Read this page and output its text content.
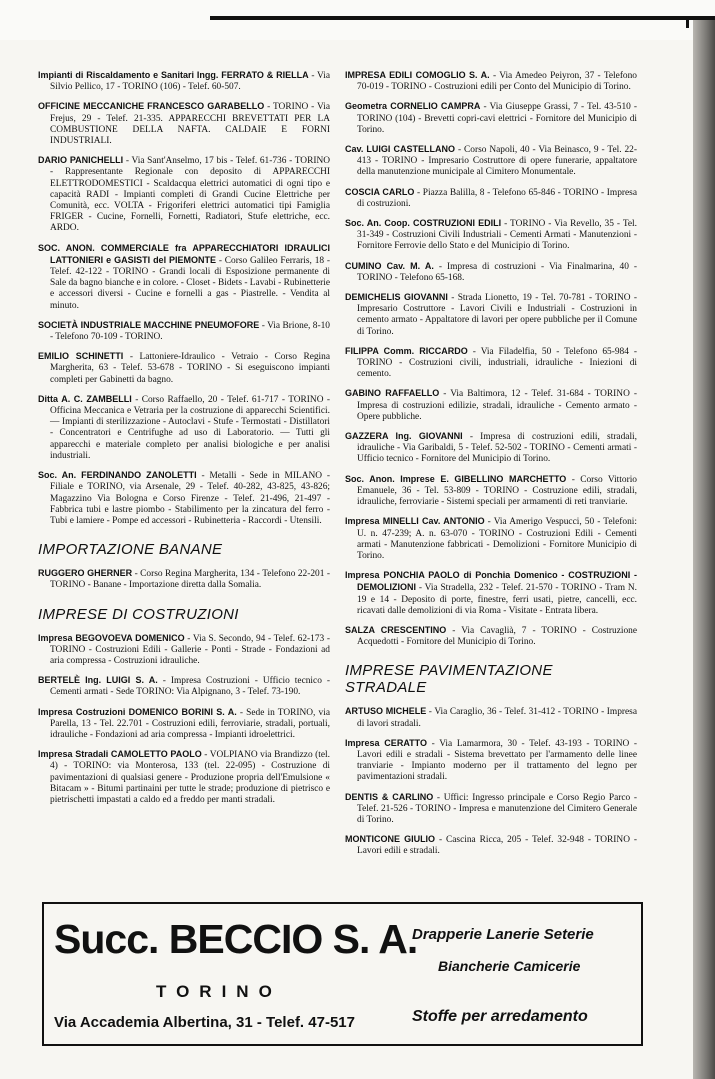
Impianti di Riscaldamento e Sanitari Ingg. FERRATO & RIELLA - Via Silvio Pellico, 17 - TORINO (106) - Telef. 60-507.

OFFICINE MECCANICHE FRANCESCO GARABELLO - TORINO - Via Frejus, 29 - Telef. 21-335. APPARECCHI BREVETTATI PER LA COMBUSTIONE DELLA NAFTA. CALDAIE E FORNI INDUSTRIALI.

DARIO PANICHELLI - Via Sant'Anselmo, 17 bis - Telef. 61-736 - TORINO - Rappresentante Regionale con deposito di APPARECCHI ELETTRODOMESTICI - Scaldacqua elettrici automatici di ogni tipo e capacità RADI - Impianti completi di Grandi Cucine Elettriche per Comunità, ecc. VOLTA - Frigoriferi elettrici automatici tipi Famiglia FRIGER - Cucine, Fornelli, Fornetti, Radiatori, Stufe elettriche, ecc. ARDO.

SOC. ANON. COMMERCIALE fra APPARECCHIATORI IDRAULICI LATTONIERI e GASISTI del PIEMONTE - Corso Galileo Ferraris, 18 - Telef. 42-122 - TORINO - Grandi locali di Esposizione permanente di Sale da bagno bianche e in colore. - Closet - Bidets - Lavabi - Rubinetterie e accessori diversi - Cucine e fornelli a gas - Piastrelle. - Vendita al minuto.

SOCIETÀ INDUSTRIALE MACCHINE PNEUMOFORE - Via Brione, 8-10 - Telefono 70-109 - TORINO.

EMILIO SCHINETTI - Lattoniere-Idraulico - Vetraio - Corso Regina Margherita, 63 - Telef. 53-678 - TORINO - Si eseguiscono impianti completi per Gabinetti da bagno.

Ditta A. C. ZAMBELLI - Corso Raffaello, 20 - Telef. 61-717 - TORINO - Officina Meccanica e Vetraria per la costruzione di apparecchi Scientifici. — Impianti di sterilizzazione - Autoclavi - Stufe - Termostati - Distillatori - Concentratori e Centrifughe ad uso di Laboratorio. — Tutti gli apparecchi e materiale completo per analisi biologiche e per analisi industriali.

Soc. An. FERDINANDO ZANOLETTI - Metalli - Sede in MILANO - Filiale e TORINO, via Arsenale, 29 - Telef. 40-282, 43-825, 43-826; Magazzino Via Bologna e Corso Firenze - Telef. 21-496, 21-497 - Fabbrica tubi e lastre piombo - Stabilimento per la zincatura del ferro - Tubi e lamiere - Pompe ed accessori - Rubinetteria - Raccordi - Utensili.

IMPORTAZIONE BANANE

RUGGERO GHERNER - Corso Regina Margherita, 134 - Telefono 22-201 - TORINO - Banane - Importazione diretta dalla Somalia.

IMPRESE DI COSTRUZIONI

Impresa BEGOVOEVA DOMENICO - Via S. Secondo, 94 - Telef. 62-173 - TORINO - Costruzioni Edili - Gallerie - Ponti - Strade - Fondazioni ad aria compressa - Costruzioni idrauliche.

BERTELÈ Ing. LUIGI S. A. - Impresa Costruzioni - Ufficio tecnico - Cementi armati - Sede TORINO: Via Alpignano, 3 - Telef. 73-190.

Impresa Costruzioni DOMENICO BORINI S. A. - Sede in TORINO, via Parella, 13 - Tel. 22.701 - Costruzioni edili, ferroviarie, stradali, portuali, idrauliche - Fondazioni ad aria compressa - Impianti idroelettrici.

Impresa Stradali CAMOLETTO PAOLO - VOLPIANO via Brandizzo (tel. 4) - TORINO: via Monterosa, 133 (tel. 22-095) - Costruzione di pavimentazioni di qualsiasi genere - Produzione propria dell'Emulsione « Bitacam » - Bitumi partinaini per tutte le strade; produzione di pietrisco e pietrischetti impastati a caldo ed a freddo per manti stradali.

IMPRESA EDILI COMOGLIO S. A. - Via Amedeo Peiyron, 37 - Telefono 70-019 - TORINO - Costruzioni edili per Conto del Municipio di Torino.

Geometra CORNELIO CAMPRA - Via Giuseppe Grassi, 7 - Tel. 43-510 - TORINO (104) - Brevetti copri-cavi elettrici - Fornitore del Municipio di Torino.

Cav. LUIGI CASTELLANO - Corso Napoli, 40 - Via Beinasco, 9 - Tel. 22-413 - TORINO - Impresario Costruttore di opere funerarie, appaltatore della manutenzione municipale al Cimitero Monumentale.

COSCIA CARLO - Piazza Balilla, 8 - Telefono 65-846 - TORINO - Impresa di costruzioni.

Soc. An. Coop. COSTRUZIONI EDILI - TORINO - Via Revello, 35 - Tel. 31-349 - Costruzioni Civili Industriali - Cementi Armati - Manutenzioni - Fornitore Ferrovie dello Stato e del Municipio di Torino.

CUMINO Cav. M. A. - Impresa di costruzioni - Via Finalmarina, 40 - TORINO - Telefono 65-168.

DEMICHELIS GIOVANNI - Strada Lionetto, 19 - Tel. 70-781 - TORINO - Impresario Costruttore - Lavori Civili e Industriali - Costruzioni in cemento armato - Appaltatore di lavori per opere pubbliche per il Comune di Torino.

FILIPPA Comm. RICCARDO - Via Filadelfia, 50 - Telefono 65-984 - TORINO - Costruzioni civili, industriali, idrauliche - Iniezioni di cemento.

GABINO RAFFAELLO - Via Baltimora, 12 - Telef. 31-684 - TORINO - Impresa di costruzioni edilizie, stradali, idrauliche - Cemento armato - Opere pubbliche.

GAZZERA Ing. GIOVANNI - Impresa di costruzioni edili, stradali, idrauliche - Via Garibaldi, 5 - Telef. 52-502 - TORINO - Cementi armati - Ufficio tecnico - Fornitore del Municipio di Torino.

Soc. Anon. Imprese E. GIBELLINO MARCHETTO - Corso Vittorio Emanuele, 36 - Tel. 53-809 - TORINO - Costruzione edili, stradali, idrauliche, ferroviarie - Sistemi speciali per armamenti di reti tranviarie.

Impresa MINELLI Cav. ANTONIO - Via Amerigo Vespucci, 50 - Telefoni: U. n. 47-239; A. n. 63-070 - TORINO - Costruzioni Edili - Cementi armati - Manutenzione fabbricati - Demolizioni - Fornitore Municipio di Torino.

Impresa PONCHIA PAOLO di Ponchia Domenico - COSTRUZIONI - DEMOLIZIONI - Via Stradella, 232 - Telef. 21-570 - TORINO - Tram N. 19 e 14 - Deposito di porte, finestre, ferri usati, pietre, cancelli, ecc. ricavati dalle demolizioni di via Roma - Visitate - Entrata libera.

SALZA CRESCENTINO - Via Cavaglià, 7 - TORINO - Costruzione Acquedotti - Fornitore del Municipio di Torino.

IMPRESE PAVIMENTAZIONE STRADALE

ARTUSO MICHELE - Via Caraglio, 36 - Telef. 31-412 - TORINO - Impresa di lavori stradali.

Impresa CERATTO - Via Lamarmora, 30 - Telef. 43-193 - TORINO - Lavori edili e stradali - Sistema brevettato per l'armamento delle linee tranviarie - Impianto moderno per il trattamento del legno per pavimentazioni stradali.

DENTIS & CARLINO - Uffici: Ingresso principale e Corso Regio Parco - Telef. 21-526 - TORINO - Impresa e manutenzione del Cimitero Generale di Torino.

MONTICONE GIULIO - Cascina Ricca, 205 - Telef. 32-948 - TORINO - Lavori edili e stradali.

Succ. BECCIO S. A.
TORINO
Via Accademia Albertina, 31 - Telef. 47-517
Drapperie Lanerie Seterie
Biancherie Camicerie
Stoffe per arredamento
